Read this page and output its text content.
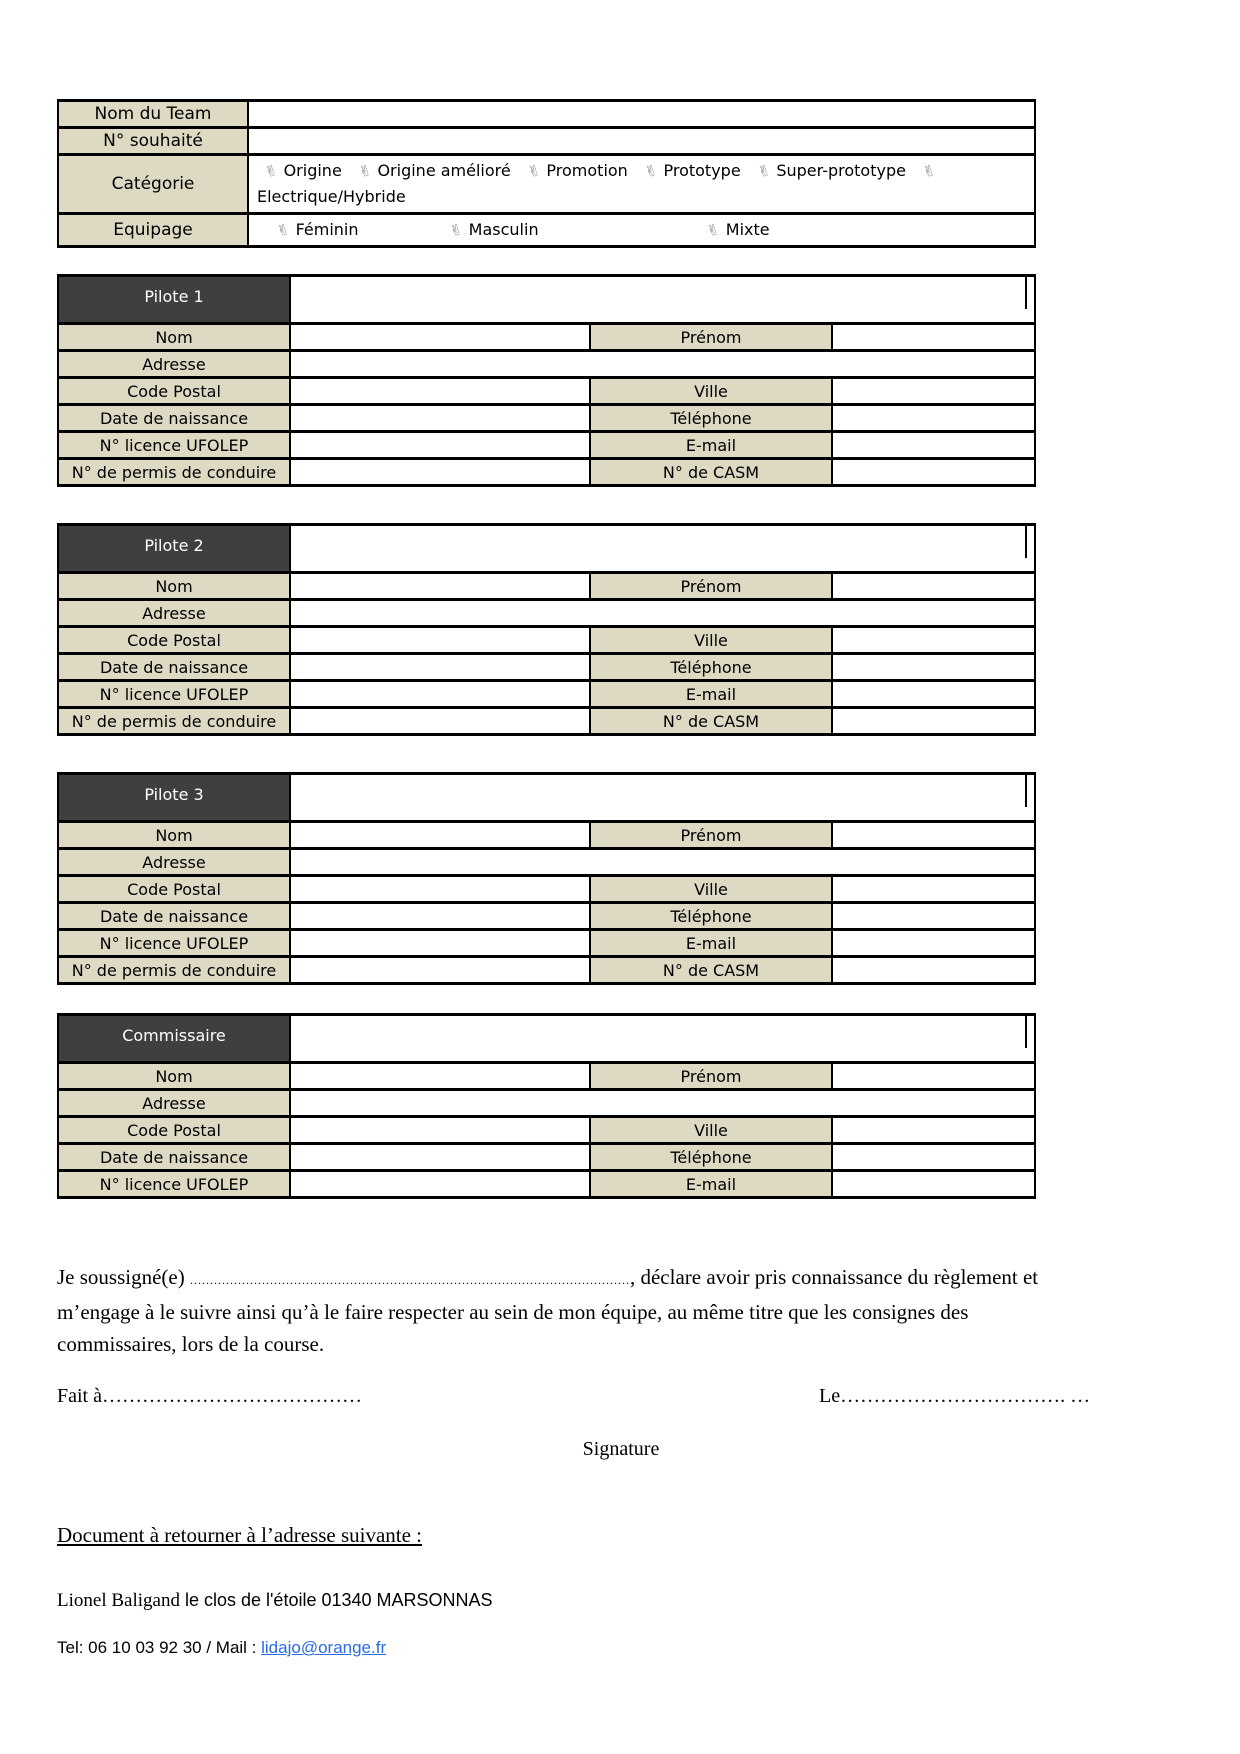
Nom du Team	
N° souhaité	
Catégorie	✌ Origine ✌ Origine amélioré ✌ Promotion ✌ Prototype ✌ Super-prototype ✌Electrique/Hybride
Equipage	✌ Féminin ✌ Masculin ✌ Mixte
Pilote 1			

Nom		Prénom	
Adresse			
Code Postal		Ville	
Date de naissance		Téléphone	
N° licence UFOLEP		E-mail	
N° de permis de conduire		N° de CASM	
Pilote 2			

Nom		Prénom	
Adresse			
Code Postal		Ville	
Date de naissance		Téléphone	
N° licence UFOLEP		E-mail	
N° de permis de conduire		N° de CASM	
Pilote 3			

Nom		Prénom	
Adresse			
Code Postal		Ville	
Date de naissance		Téléphone	
N° licence UFOLEP		E-mail	
N° de permis de conduire		N° de CASM	
Commissaire			

Nom		Prénom	
Adresse			
Code Postal		Ville	
Date de naissance		Téléphone	
N° licence UFOLEP		E-mail	
Je soussigné(e) .............................................................................................................., déclare avoir pris connaissance du règlement et
m’engage à le suivre ainsi qu’à le faire respecter au sein de mon équipe, au même titre que les consignes des
commissaires, lors de la course.
Fait à…………………………………	Le……………………………. …
Signature
Document à retourner à l’adresse suivante :
Lionel Baligand le clos de l'étoile 01340 MARSONNAS
Tel: 06 10 03 92 30 / Mail : lidajo@orange.fr
